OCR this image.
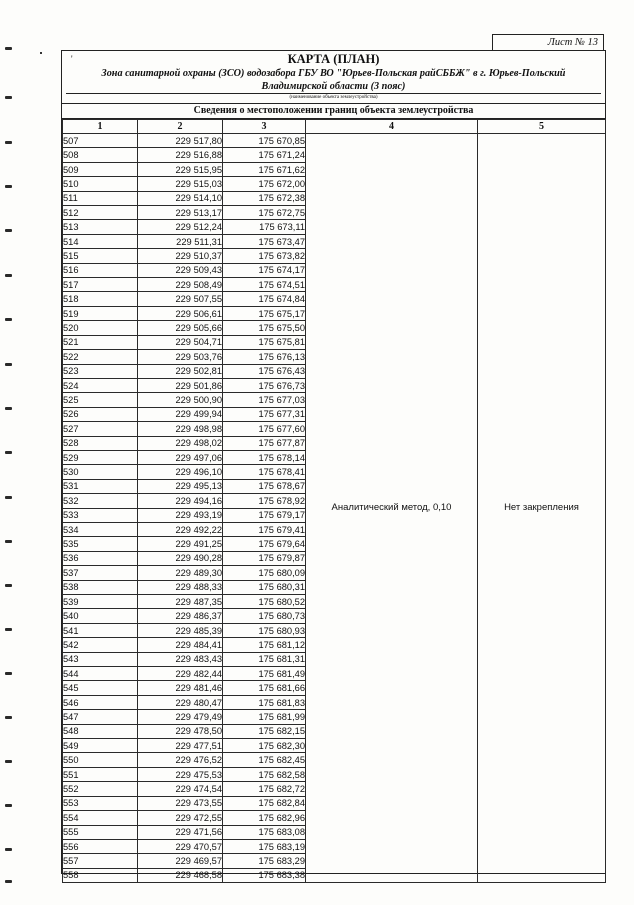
Лист № 13
'	КАРТА (ПЛАН)
Зона санитарной охраны (ЗСО) водозабора ГБУ ВО "Юрьев-Польская райСББЖ" в г. Юрьев-Польский Владимирской области (3 пояс)
(наименование объекта землеустройства)
Сведения о местоположении границ объекта землеустройства
1	2	3	4	5
507	229 517,80	175 670,85	Аналитический метод, 0,10	Нет закрепления
508	229 516,88	175 671,24		
509	229 515,95	175 671,62		
510	229 515,03	175 672,00		
511	229 514,10	175 672,38		
512	229 513,17	175 672,75		
513	229 512,24	175 673,11		
514	229 511,31	175 673,47		
515	229 510,37	175 673,82		
516	229 509,43	175 674,17		
517	229 508,49	175 674,51		
518	229 507,55	175 674,84		
519	229 506,61	175 675,17		
520	229 505,66	175 675,50		
521	229 504,71	175 675,81		
522	229 503,76	175 676,13		
523	229 502,81	175 676,43		
524	229 501,86	175 676,73		
525	229 500,90	175 677,03		
526	229 499,94	175 677,31		
527	229 498,98	175 677,60		
528	229 498,02	175 677,87		
529	229 497,06	175 678,14		
530	229 496,10	175 678,41		
531	229 495,13	175 678,67		
532	229 494,16	175 678,92		
533	229 493,19	175 679,17		
534	229 492,22	175 679,41		
535	229 491,25	175 679,64		
536	229 490,28	175 679,87		
537	229 489,30	175 680,09		
538	229 488,33	175 680,31		
539	229 487,35	175 680,52		
540	229 486,37	175 680,73		
541	229 485,39	175 680,93		
542	229 484,41	175 681,12		
543	229 483,43	175 681,31		
544	229 482,44	175 681,49		
545	229 481,46	175 681,66		
546	229 480,47	175 681,83		
547	229 479,49	175 681,99		
548	229 478,50	175 682,15		
549	229 477,51	175 682,30		
550	229 476,52	175 682,45		
551	229 475,53	175 682,58		
552	229 474,54	175 682,72		
553	229 473,55	175 682,84		
554	229 472,55	175 682,96		
555	229 471,56	175 683,08		
556	229 470,57	175 683,19		
557	229 469,57	175 683,29		
558	229 468,58	175 683,38		
